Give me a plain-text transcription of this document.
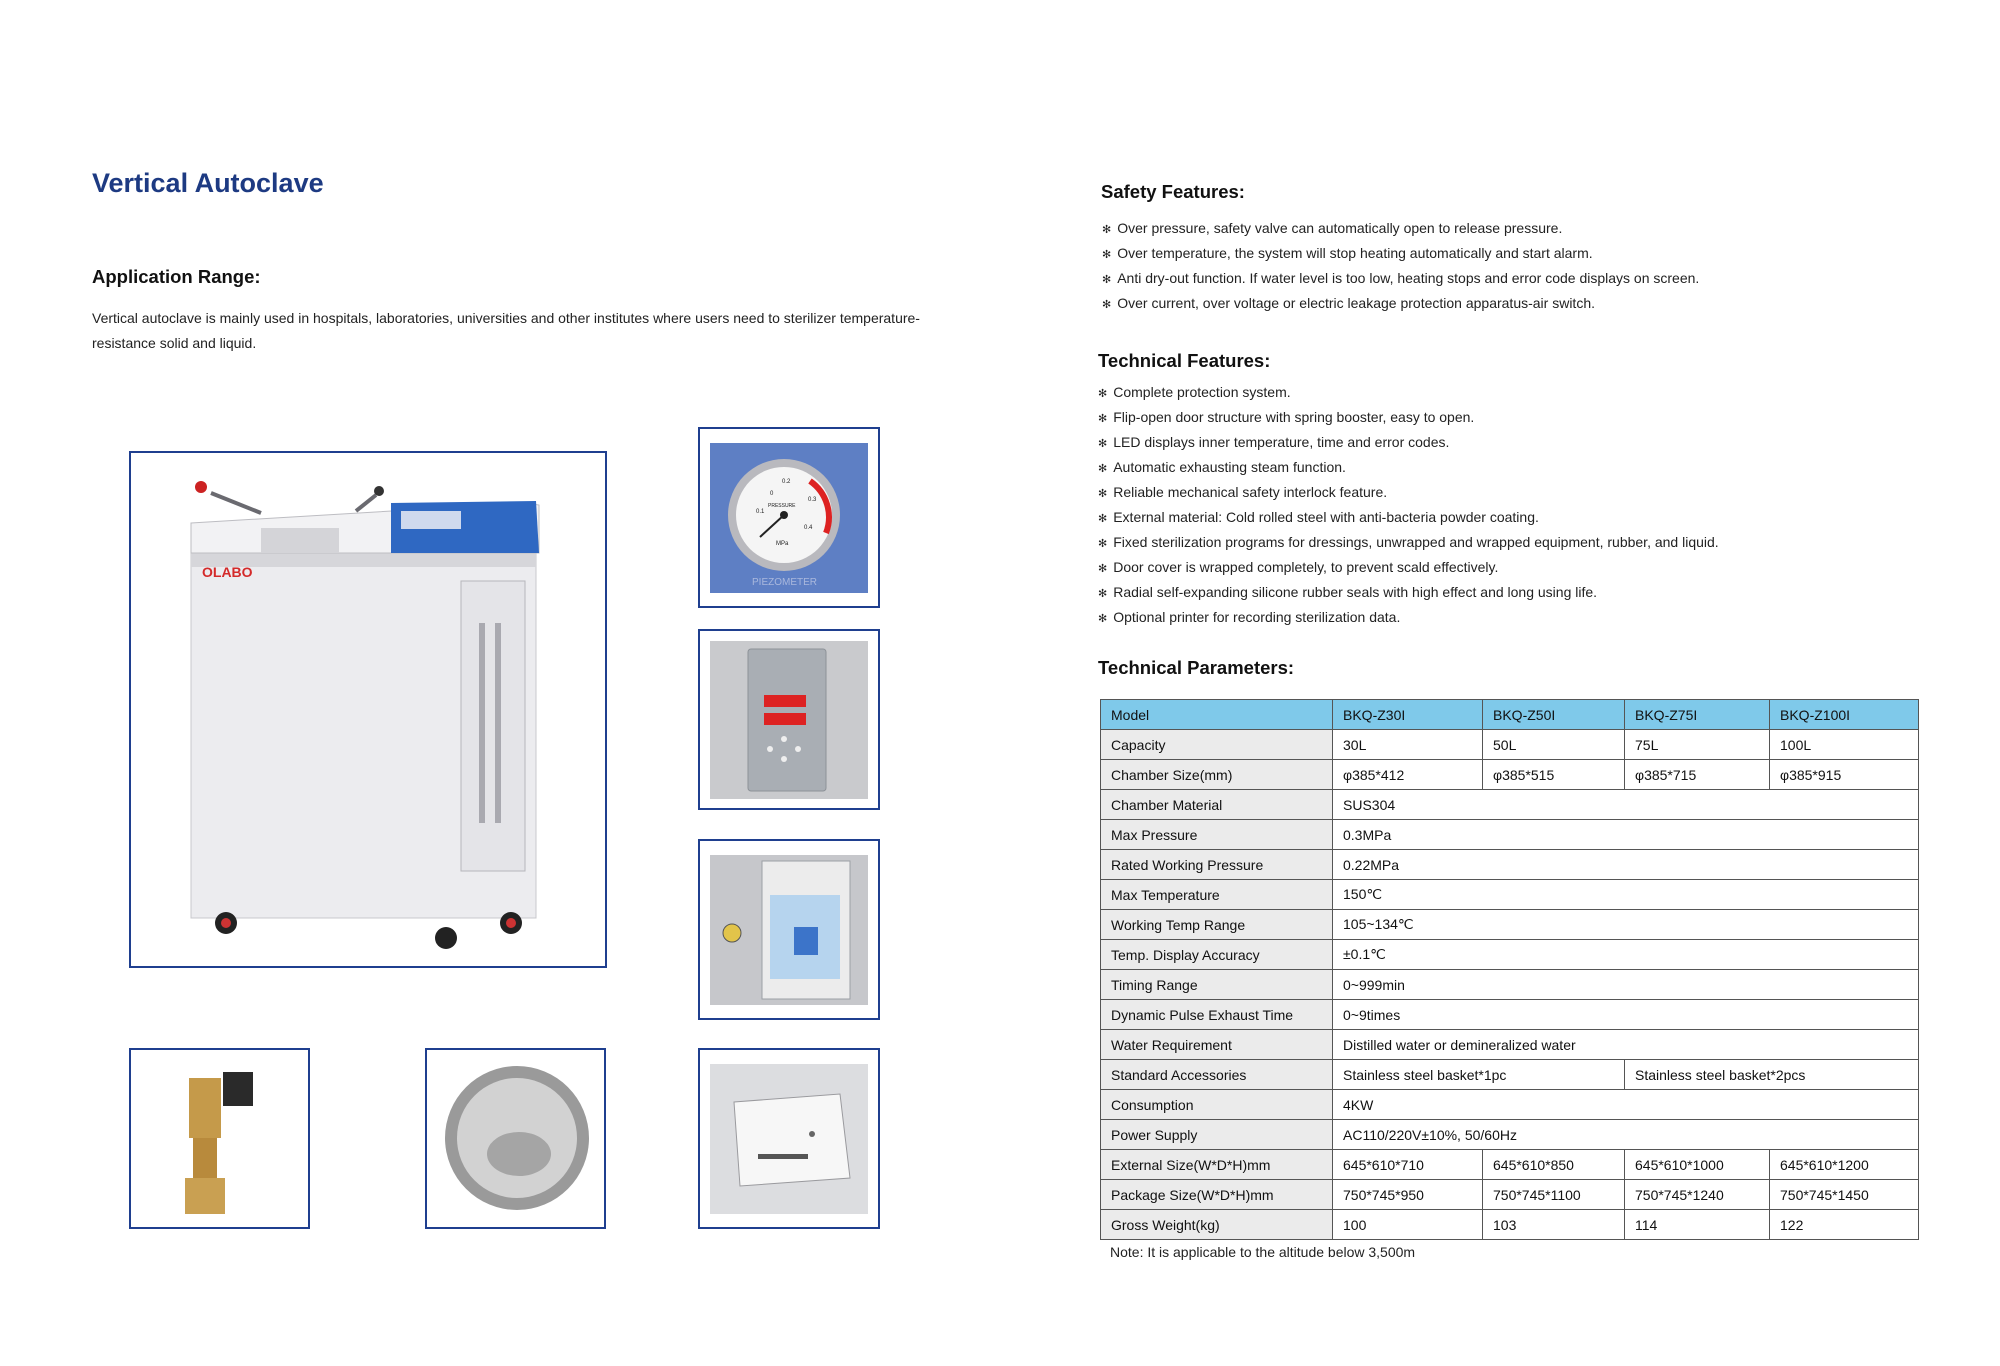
Vertical Autoclave
Application Range:

Vertical autoclave is mainly used in hospitals, laboratories, universities and other institutes where users need to sterilizer temperature-resistance solid and liquid.

OLABO
0
0.1
0.2
0.3
0.4
PRESSURE
MPa
PIEZOMETER
Safety Features:
✻ Over pressure, safety valve can automatically open to release pressure.
✻ Over temperature, the system will stop heating automatically and start alarm.
✻ Anti dry-out function. If water level is too low, heating stops and error code displays on screen.
✻ Over current, over voltage or electric leakage protection apparatus-air switch.
Technical Features:
✻ Complete protection system.
✻ Flip-open door structure with spring booster, easy to open.
✻ LED displays inner temperature, time and error codes.
✻ Automatic exhausting steam function.
✻ Reliable mechanical safety interlock feature.
✻ External material: Cold rolled steel with anti-bacteria powder coating.
✻ Fixed sterilization programs for dressings, unwrapped and wrapped equipment, rubber, and liquid.
✻ Door cover is wrapped completely, to prevent scald effectively.
✻ Radial self-expanding silicone rubber seals with high effect and long using life.
✻ Optional printer for recording sterilization data.
Technical Parameters:
Model	BKQ-Z30I	BKQ-Z50I	BKQ-Z75I	BKQ-Z100I
Capacity	30L	50L	75L	100L
Chamber Size(mm)	φ385*412	φ385*515	φ385*715	φ385*915
Chamber Material	SUS304			
Max Pressure	0.3MPa			
Rated Working Pressure	0.22MPa			
Max Temperature	150℃			
Working Temp Range	105~134℃			
Temp. Display Accuracy	±0.1℃			
Timing Range	0~999min			
Dynamic Pulse Exhaust Time	0~9times			
Water Requirement	Distilled water or demineralized water			
Standard Accessories	Stainless steel basket*1pc		Stainless steel basket*2pcs	
Consumption	4KW			
Power Supply	AC110/220V±10%, 50/60Hz			
External Size(W*D*H)mm	645*610*710	645*610*850	645*610*1000	645*610*1200
Package Size(W*D*H)mm	750*745*950	750*745*1100	750*745*1240	750*745*1450
Gross Weight(kg)	100	103	114	122

Note: It is applicable to the altitude below 3,500m
